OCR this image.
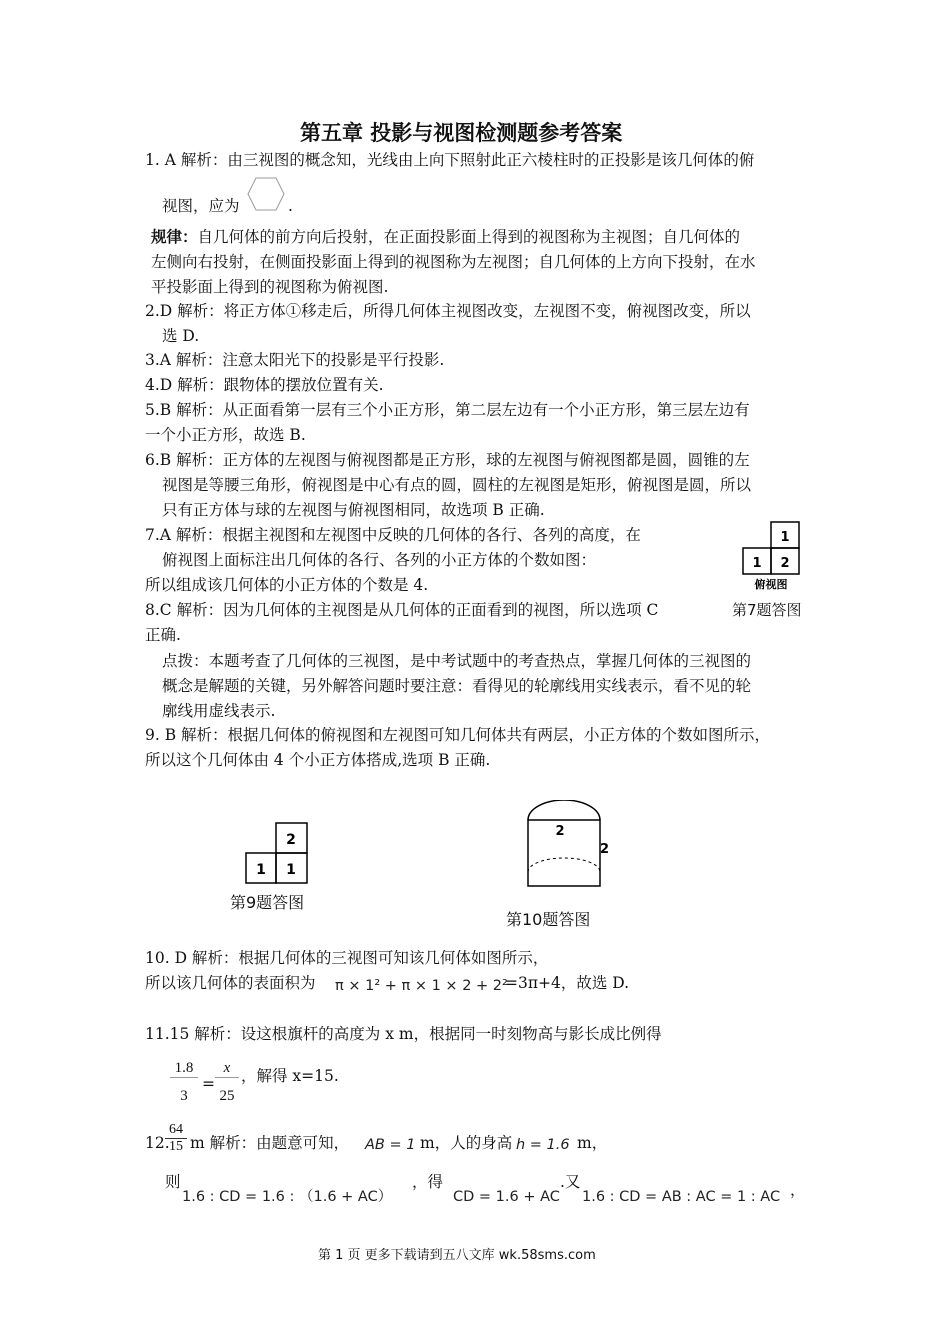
第五章 投影与视图检测题参考答案
1. A 解析：由三视图的概念知，光线由上向下照射此正六棱柱时的正投影是该几何体的俯
视图，应为	.
规律：自几何体的前方向后投射，在正面投影面上得到的视图称为主视图；自几何体的
左侧向右投射，在侧面投影面上得到的视图称为左视图；自几何体的上方向下投射，在水
平投影面上得到的视图称为俯视图.
2.D 解析：将正方体①移走后，所得几何体主视图改变，左视图不变，俯视图改变，所以
选 D.
3.A 解析：注意太阳光下的投影是平行投影.
4.D 解析：跟物体的摆放位置有关.
5.B 解析：从正面看第一层有三个小正方形，第二层左边有一个小正方形，第三层左边有
一个小正方形，故选 B.
6.B 解析：正方体的左视图与俯视图都是正方形，球的左视图与俯视图都是圆，圆锥的左
视图是等腰三角形，俯视图是中心有点的圆，圆柱的左视图是矩形，俯视图是圆，所以
只有正方体与球的左视图与俯视图相同，故选项 B 正确.
7.A 解析：根据主视图和左视图中反映的几何体的各行、各列的高度，在
俯视图上面标注出几何体的各行、各列的小正方体的个数如图：
所以组成该几何体的小正方体的个数是 4.
1
1 2
俯视图
第7题答图
8.C 解析：因为几何体的主视图是从几何体的正面看到的视图，所以选项 C
正确.
点拨：本题考查了几何体的三视图，是中考试题中的考查热点，掌握几何体的三视图的
概念是解题的关键，另外解答问题时要注意：看得见的轮廓线用实线表示，看不见的轮
廓线用虚线表示.
9. B 解析：根据几何体的俯视图和左视图可知几何体共有两层，小正方体的个数如图所示，
所以这个几何体由 4 个小正方体搭成,选项 B 正确.
2
1 1
第9题答图
2
2
第10题答图
10. D 解析：根据几何体的三视图可知该几何体如图所示，
所以该几何体的表面积为 π × 1² + π × 1 × 2 + 2²
=3π+4，故选 D.
11.15 解析：设这根旗杆的高度为 x m，根据同一时刻物高与影长成比例得
$\frac{1.8}{3} = \frac{x}{25}$ ，解得 x=15.
12.
$\frac{64}{15}$ m 解析：由题意可知， AB = 1 m，人的身高 h = 1.6 m，
则
1.6 : CD = 1.6 : （1.6 + AC）
，得
CD = 1.6 + AC
.又
1.6 : CD = AB : AC = 1 : AC ，
第 1 页 更多下载请到五八文库 wk.58sms.com
